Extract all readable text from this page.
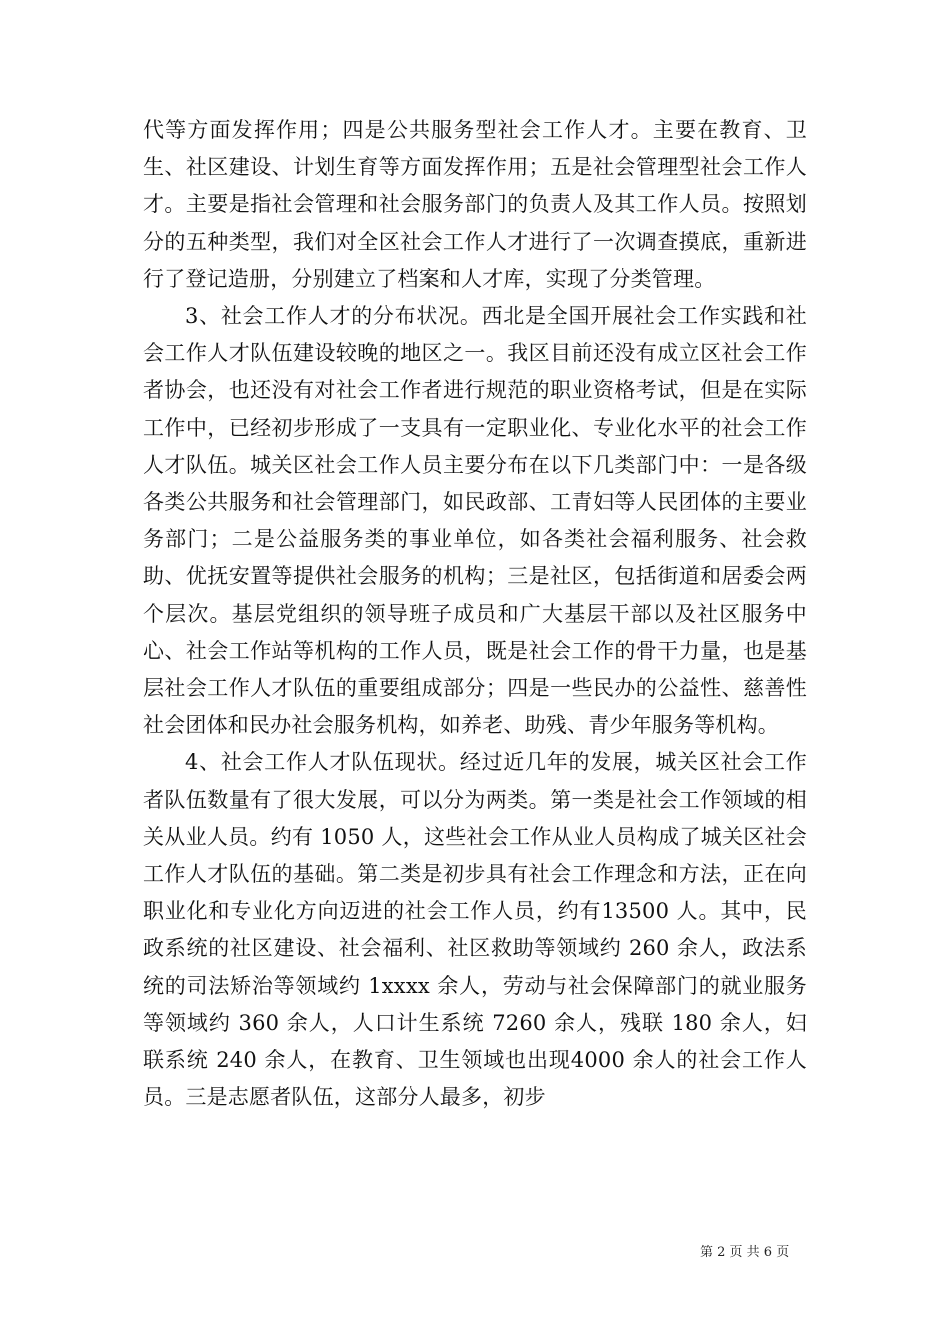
代等方面发挥作用；四是公共服务型社会工作人才。主要在教育、卫生、社区建设、计划生育等方面发挥作用；五是社会管理型社会工作人才。主要是指社会管理和社会服务部门的负责人及其工作人员。按照划分的五种类型，我们对全区社会工作人才进行了一次调查摸底，重新进行了登记造册，分别建立了档案和人才库，实现了分类管理。

3、社会工作人才的分布状况。西北是全国开展社会工作实践和社会工作人才队伍建设较晚的地区之一。我区目前还没有成立区社会工作者协会，也还没有对社会工作者进行规范的职业资格考试，但是在实际工作中，已经初步形成了一支具有一定职业化、专业化水平的社会工作人才队伍。城关区社会工作人员主要分布在以下几类部门中：一是各级各类公共服务和社会管理部门，如民政部、工青妇等人民团体的主要业务部门；二是公益服务类的事业单位，如各类社会福利服务、社会救助、优抚安置等提供社会服务的机构；三是社区，包括街道和居委会两个层次。基层党组织的领导班子成员和广大基层干部以及社区服务中心、社会工作站等机构的工作人员，既是社会工作的骨干力量，也是基层社会工作人才队伍的重要组成部分；四是一些民办的公益性、慈善性社会团体和民办社会服务机构，如养老、助残、青少年服务等机构。

4、社会工作人才队伍现状。经过近几年的发展，城关区社会工作者队伍数量有了很大发展，可以分为两类。第一类是社会工作领域的相关从业人员。约有 1050 人，这些社会工作从业人员构成了城关区社会工作人才队伍的基础。第二类是初步具有社会工作理念和方法，正在向职业化和专业化方向迈进的社会工作人员，约有13500 人。其中，民政系统的社区建设、社会福利、社区救助等领域约 260 余人，政法系统的司法矫治等领域约 1xxxx 余人，劳动与社会保障部门的就业服务等领域约 360 余人，人口计生系统 7260 余人，残联 180 余人，妇联系统 240 余人，在教育、卫生领域也出现4000 余人的社会工作人员。三是志愿者队伍，这部分人最多，初步

第 2 页 共 6 页
